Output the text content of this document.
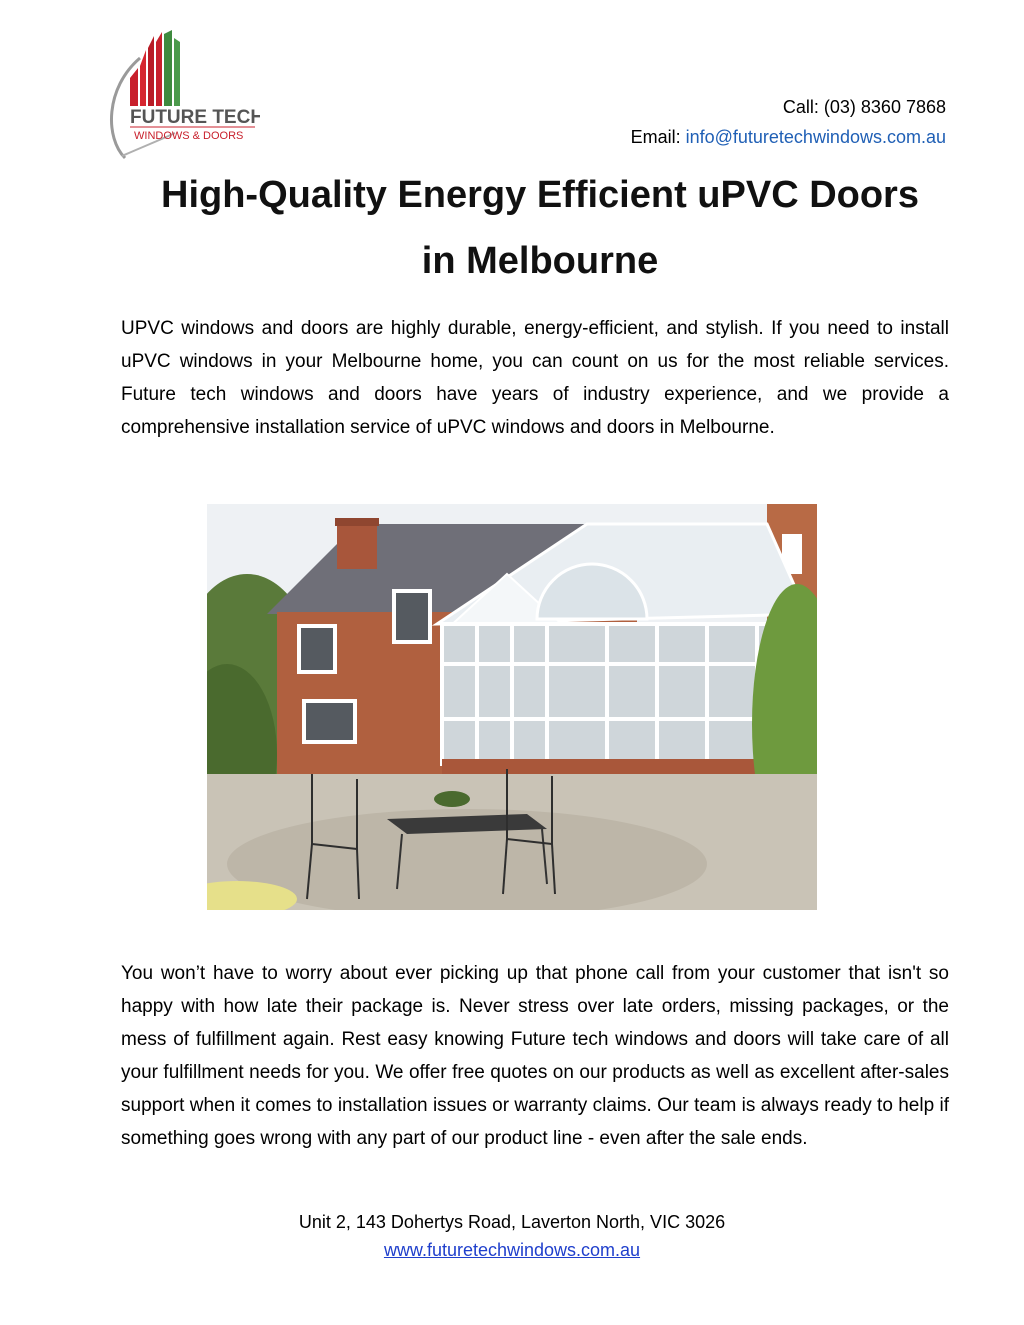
FUTURE TECH
WINDOWS & DOORS
Call: (03) 8360 7868
Email: info@futuretechwindows.com.au
High-Quality Energy Efficient uPVC Doors
in Melbourne

UPVC windows and doors are highly durable, energy-efficient, and stylish. If you need to install uPVC windows in your Melbourne home, you can count on us for the most reliable services. Future tech windows and doors have years of industry experience, and we provide a comprehensive installation service of uPVC windows and doors in Melbourne.

You won’t have to worry about ever picking up that phone call from your customer that isn't so happy with how late their package is. Never stress over late orders, missing packages, or the mess of fulfillment again. Rest easy knowing Future tech windows and doors will take care of all your fulfillment needs for you. We offer free quotes on our products as well as excellent after-sales support when it comes to installation issues or warranty claims. Our team is always ready to help if something goes wrong with any part of our product line - even after the sale ends.

Unit 2, 143 Dohertys Road, Laverton North, VIC 3026
www.futuretechwindows.com.au
